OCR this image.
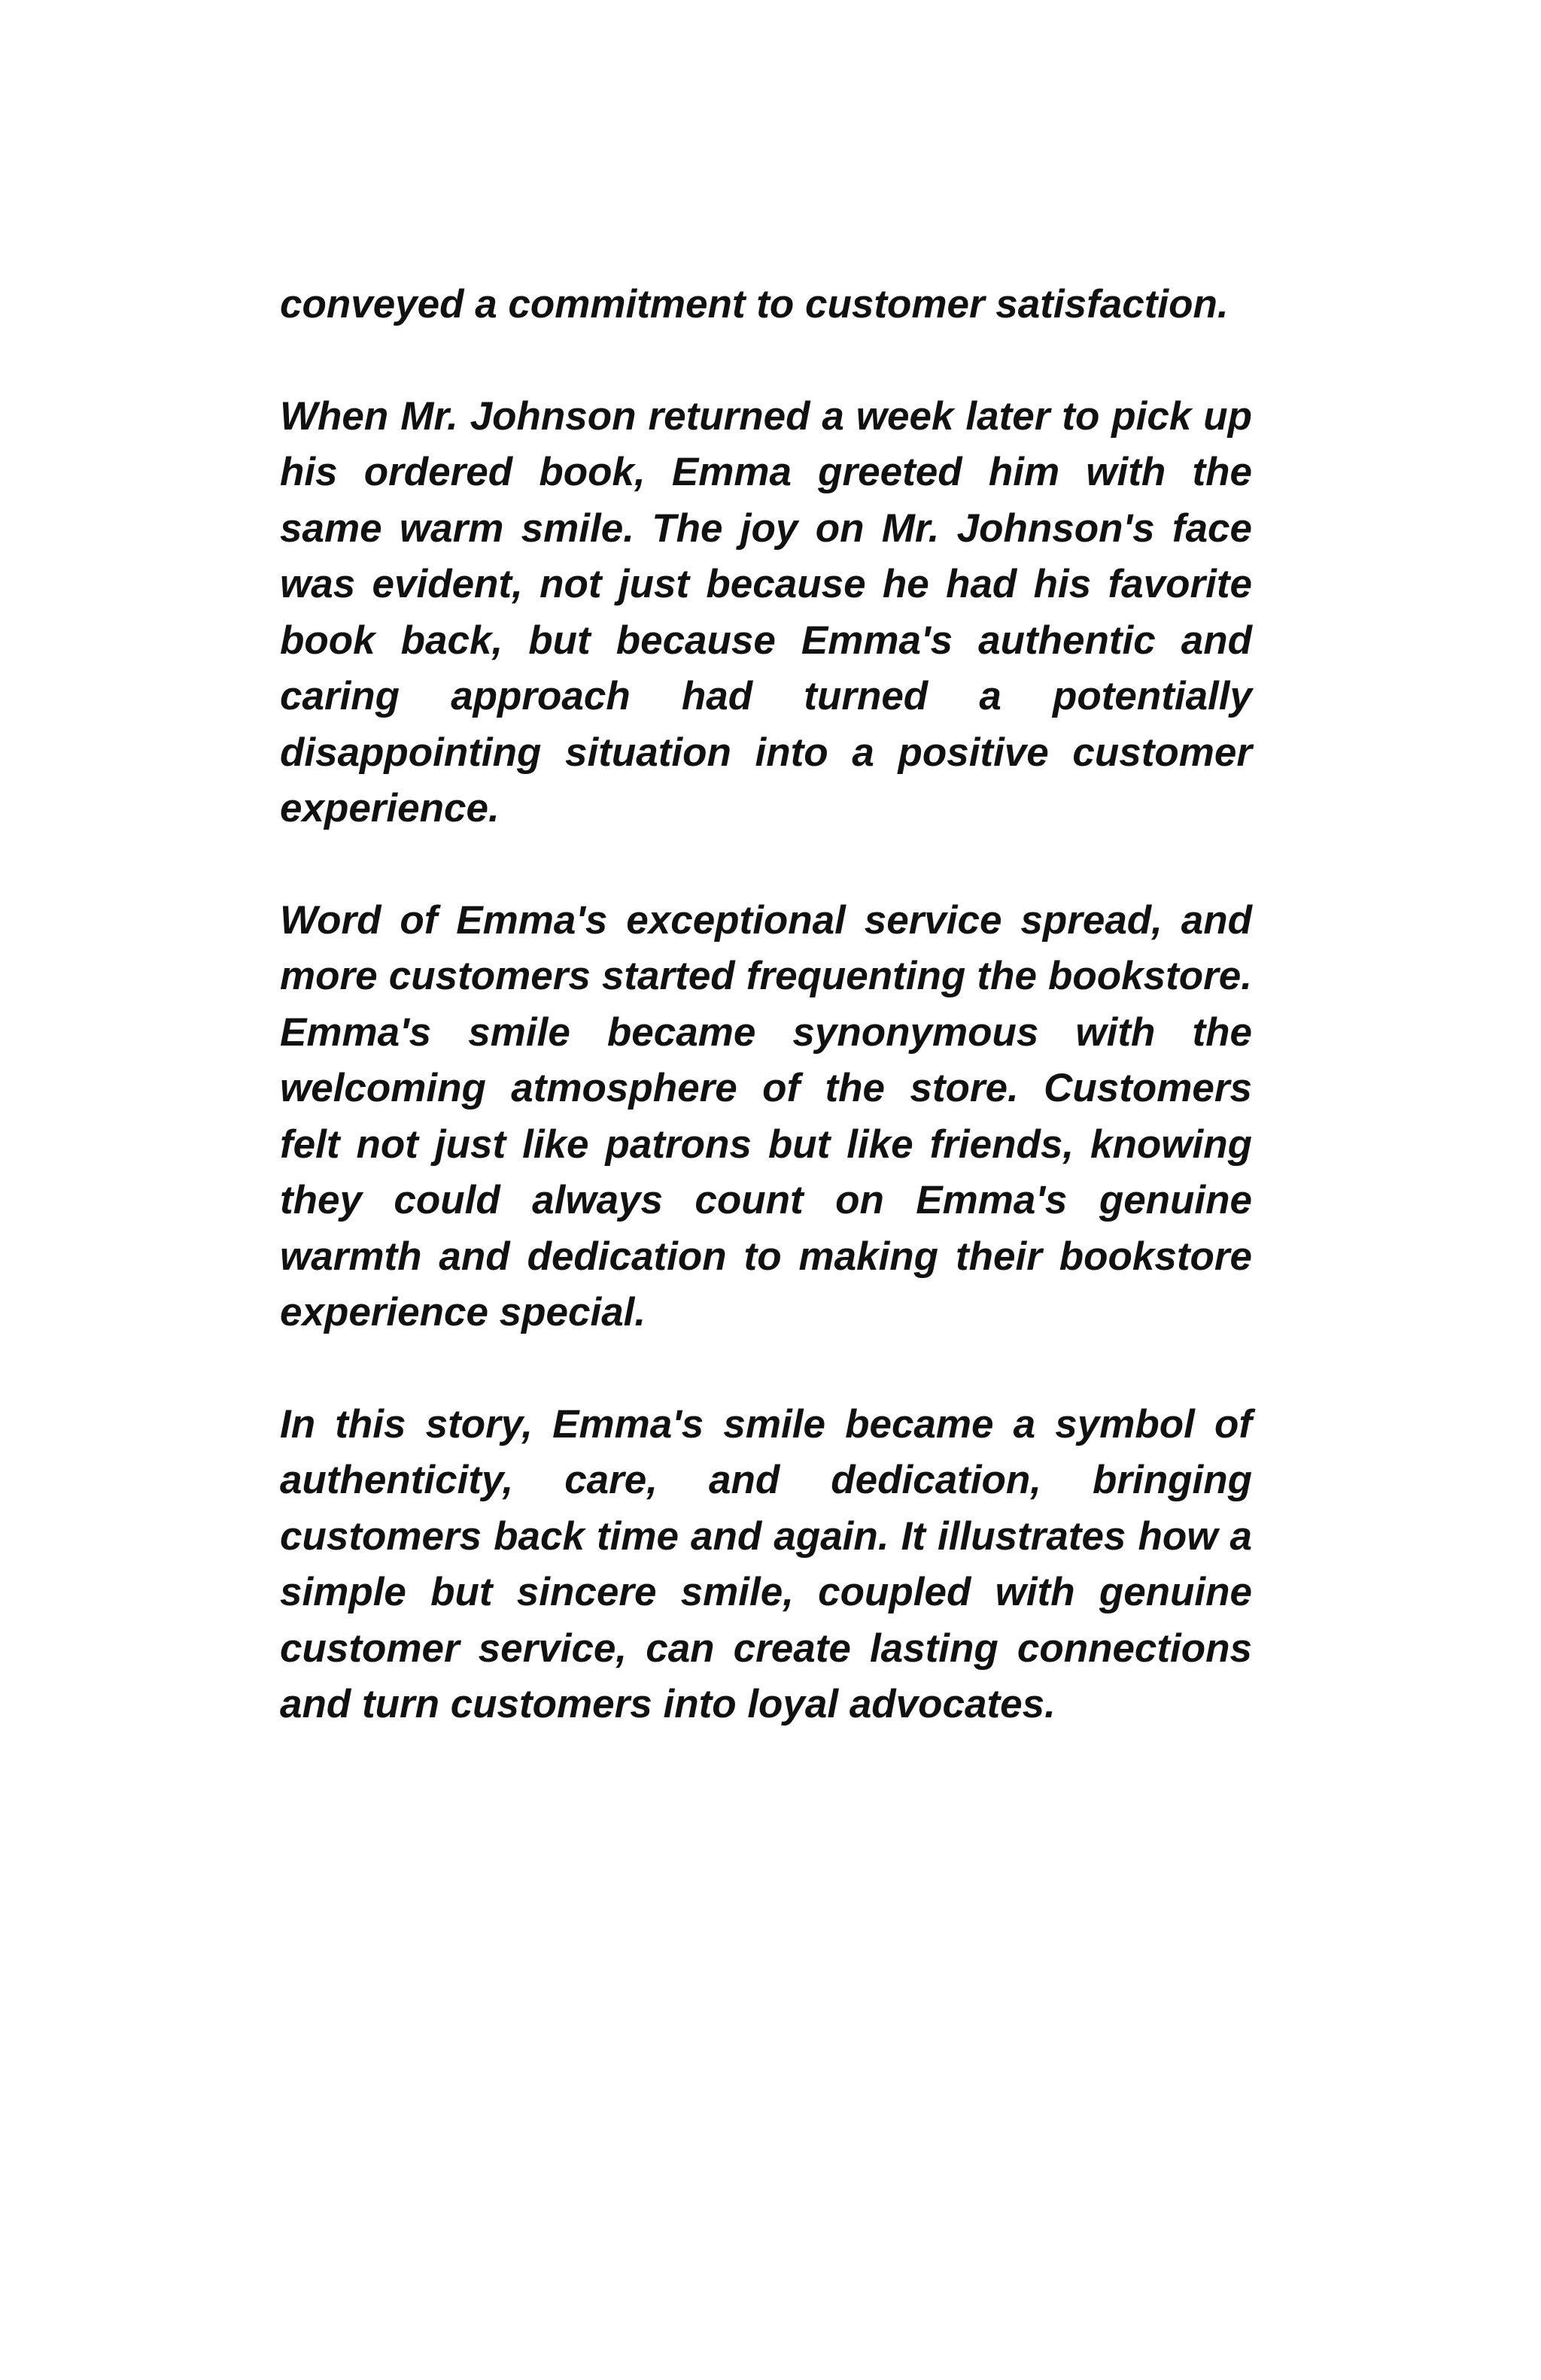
conveyed a commitment to customer satisfaction.

When Mr. Johnson returned a week later to pick up his ordered book, Emma greeted him with the same warm smile. The joy on Mr. Johnson's face was evident, not just because he had his favorite book back, but because Emma's authentic and caring approach had turned a potentially disappointing situation into a positive customer experience.

Word of Emma's exceptional service spread, and more customers started frequenting the bookstore. Emma's smile became synonymous with the welcoming atmosphere of the store. Customers felt not just like patrons but like friends, knowing they could always count on Emma's genuine warmth and dedication to making their bookstore experience special.

In this story, Emma's smile became a symbol of authenticity, care, and dedication, bringing customers back time and again. It illustrates how a simple but sincere smile, coupled with genuine customer service, can create lasting connections and turn customers into loyal advocates.
